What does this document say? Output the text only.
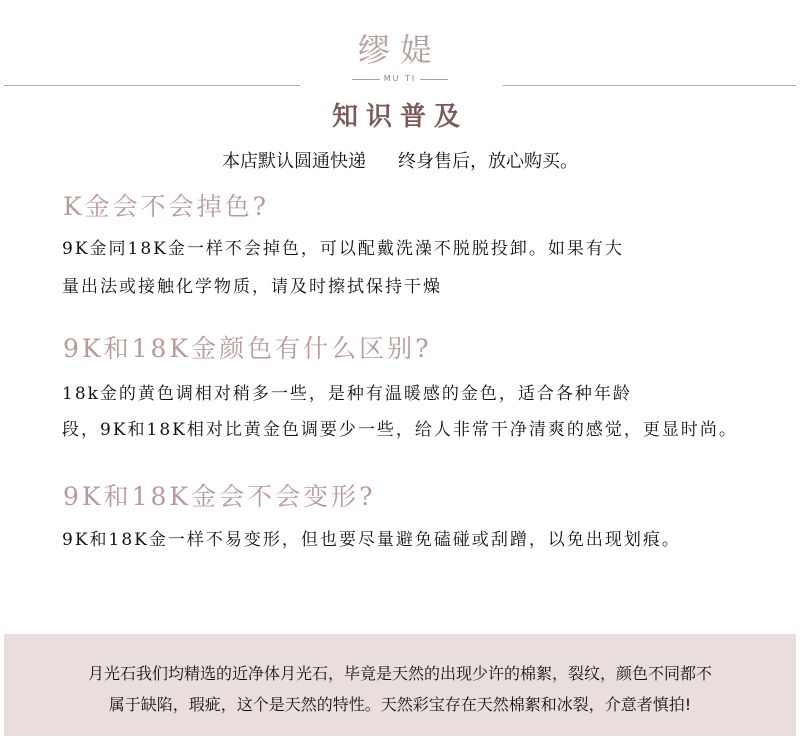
缪媞
MU TI
知识普及
本店默认圆通快递 终身售后，放心购买。
K金会不会掉色?
9K金同18K金一样不会掉色，可以配戴洗澡不脱脱投卸。如果有大
量出法或接触化学物质，请及时擦拭保持干燥
9K和18K金颜色有什么区别?
18k金的黄色调相对稍多一些，是种有温暖感的金色，适合各种年龄
段，9K和18K相对比黄金色调要少一些，给人非常干净清爽的感觉，更显时尚。
9K和18K金会不会变形?
9K和18K金一样不易变形，但也要尽量避免磕碰或刮蹭，以免出现划痕。
月光石我们均精选的近净体月光石，毕竟是天然的出现少许的棉絮，裂纹，颜色不同都不
属于缺陷，瑕疵，这个是天然的特性。天然彩宝存在天然棉絮和冰裂，介意者慎拍!
